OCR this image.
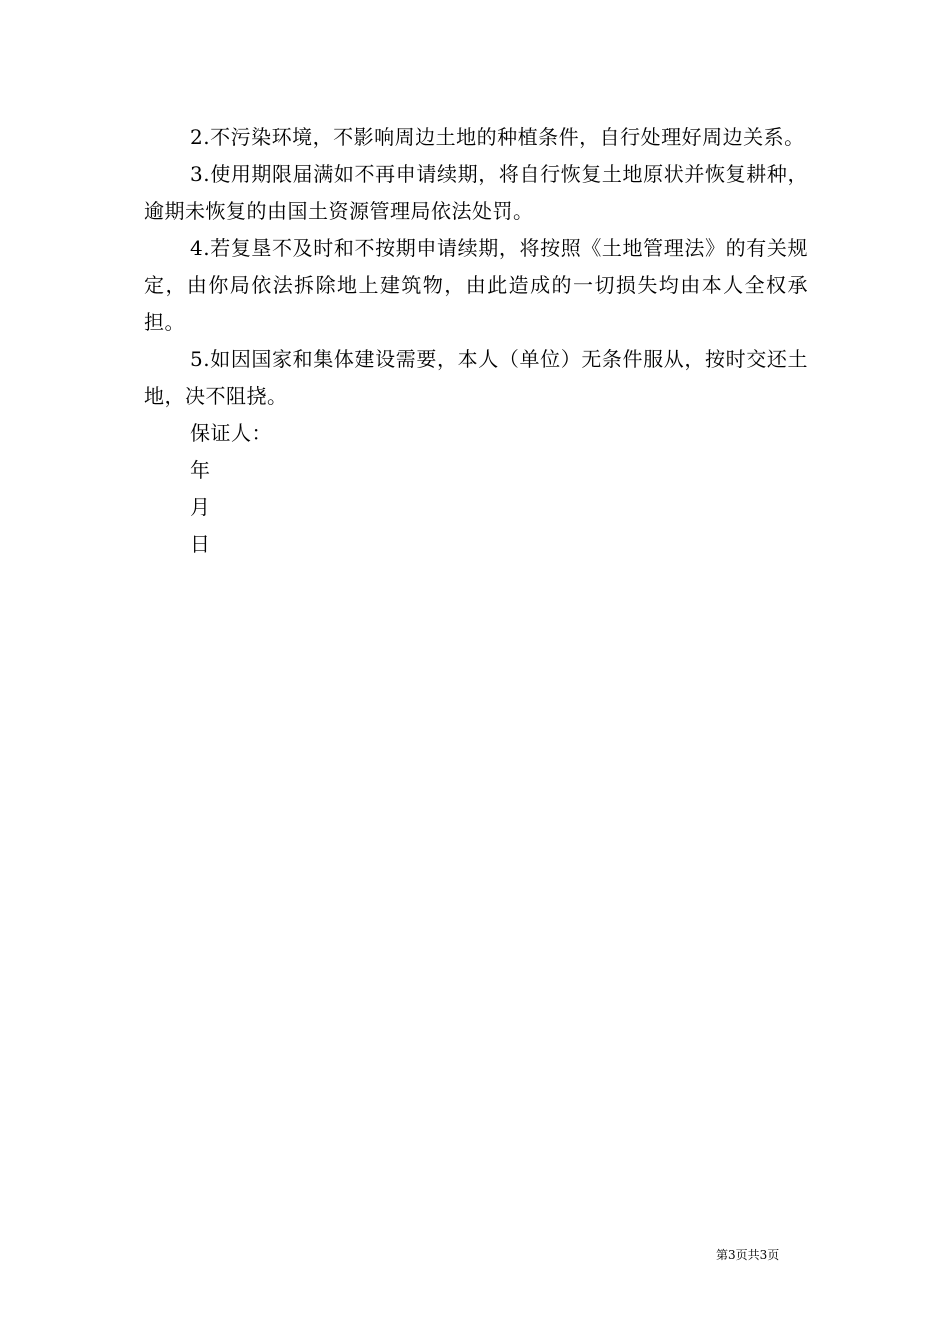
2.不污染环境，不影响周边土地的种植条件，自行处理好周边关系。

3.使用期限届满如不再申请续期，将自行恢复土地原状并恢复耕种，逾期未恢复的由国土资源管理局依法处罚。

4.若复垦不及时和不按期申请续期，将按照《土地管理法》的有关规定，由你局依法拆除地上建筑物，由此造成的一切损失均由本人全权承担。

5.如因国家和集体建设需要，本人（单位）无条件服从，按时交还土地，决不阻挠。

保证人：

年

月

日

第3页共3页
